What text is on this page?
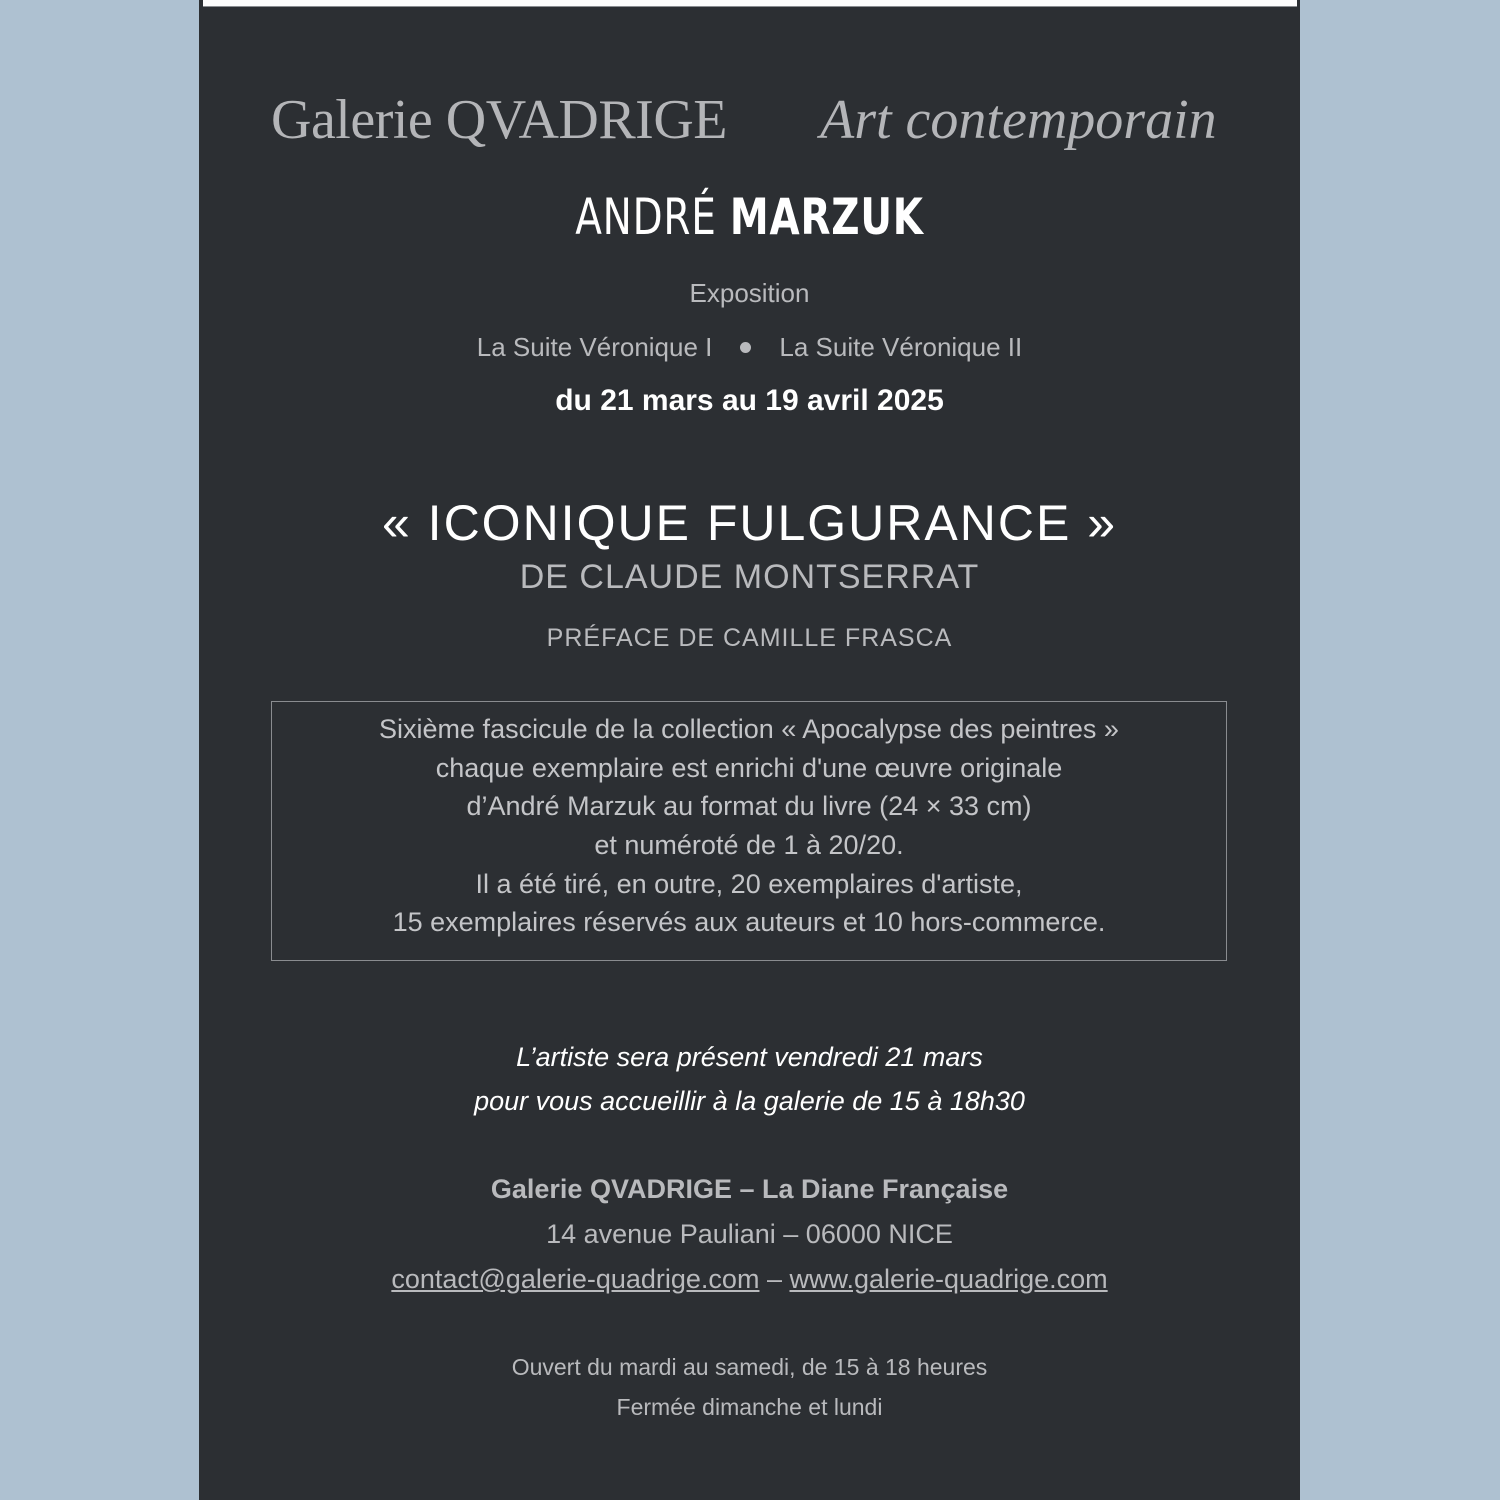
Galerie QVADRIGE Art contemporain
ANDRÉ MARZUK
Exposition
La Suite Véronique I	La Suite Véronique II
du 21 mars au 19 avril 2025
« ICONIQUE FULGURANCE »
DE CLAUDE MONTSERRAT
PRÉFACE DE CAMILLE FRASCA
Sixième fascicule de la collection « Apocalypse des peintres »
chaque exemplaire est enrichi d'une œuvre originale
d’André Marzuk au format du livre (24 × 33 cm)
et numéroté de 1 à 20/20.
Il a été tiré, en outre, 20 exemplaires d'artiste,
15 exemplaires réservés aux auteurs et 10 hors-commerce.
L’artiste sera présent vendredi 21 mars
pour vous accueillir à la galerie de 15 à 18h30
Galerie QVADRIGE – La Diane Française
14 avenue Pauliani – 06000 NICE
contact@galerie-quadrige.com – www.galerie-quadrige.com
Ouvert du mardi au samedi, de 15 à 18 heures
Fermée dimanche et lundi
